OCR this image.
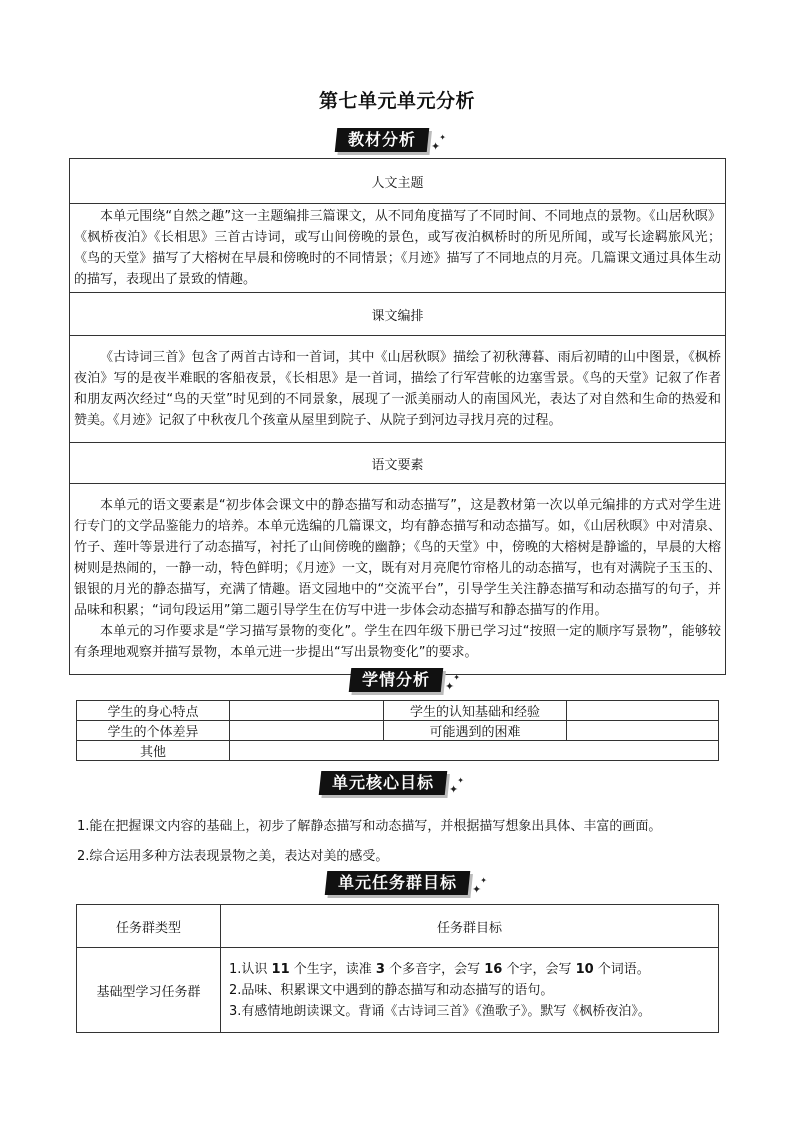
第七单元单元分析
教材分析	✦
✦
人文主题

本单元围绕“自然之趣”这一主题编排三篇课文，从不同角度描写了不同时间、不同地点的景物。《山居秋暝》《枫桥夜泊》《长相思》三首古诗词，或写山间傍晚的景色，或写夜泊枫桥时的所见所闻，或写长途羁旅风光；《鸟的天堂》描写了大榕树在早晨和傍晚时的不同情景；《月迹》描写了不同地点的月亮。几篇课文通过具体生动的描写，表现出了景致的情趣。

课文编排

《古诗词三首》包含了两首古诗和一首词，其中《山居秋暝》描绘了初秋薄暮、雨后初晴的山中图景，《枫桥夜泊》写的是夜半难眠的客船夜景，《长相思》是一首词，描绘了行军营帐的边塞雪景。《鸟的天堂》记叙了作者和朋友两次经过“鸟的天堂”时见到的不同景象，展现了一派美丽动人的南国风光，表达了对自然和生命的热爱和赞美。《月迹》记叙了中秋夜几个孩童从屋里到院子、从院子到河边寻找月亮的过程。

语文要素

本单元的语文要素是“初步体会课文中的静态描写和动态描写”，这是教材第一次以单元编排的方式对学生进行专门的文学品鉴能力的培养。本单元选编的几篇课文，均有静态描写和动态描写。如，《山居秋暝》中对清泉、竹子、莲叶等景进行了动态描写，衬托了山间傍晚的幽静；《鸟的天堂》中，傍晚的大榕树是静谧的，早晨的大榕树则是热闹的，一静一动，特色鲜明；《月迹》一文，既有对月亮爬竹帘格儿的动态描写，也有对满院子玉玉的、银银的月光的静态描写，充满了情趣。语文园地中的“交流平台”，引导学生关注静态描写和动态描写的句子，并品味和积累；“词句段运用”第二题引导学生在仿写中进一步体会动态描写和静态描写的作用。

本单元的习作要求是“学习描写景物的变化”。学生在四年级下册已学习过“按照一定的顺序写景物”，能够较有条理地观察并描写景物，本单元进一步提出“写出景物变化”的要求。

学情分析	✦
✦
学生的身心特点		学生的认知基础和经验	
学生的个体差异		可能遇到的困难	
其他			
单元核心目标	✦
✦
1.能在把握课文内容的基础上，初步了解静态描写和动态描写，并根据描写想象出具体、丰富的画面。
2.综合运用多种方法表现景物之美，表达对美的感受。
单元任务群目标	✦
✦
任务群类型	任务群目标
基础型学习任务群	1.认识 11 个生字，读准 3 个多音字，会写 16 个字，会写 10 个词语。
2.品味、积累课文中遇到的静态描写和动态描写的语句。
3.有感情地朗读课文。背诵《古诗词三首》《渔歌子》。默写《枫桥夜泊》。
